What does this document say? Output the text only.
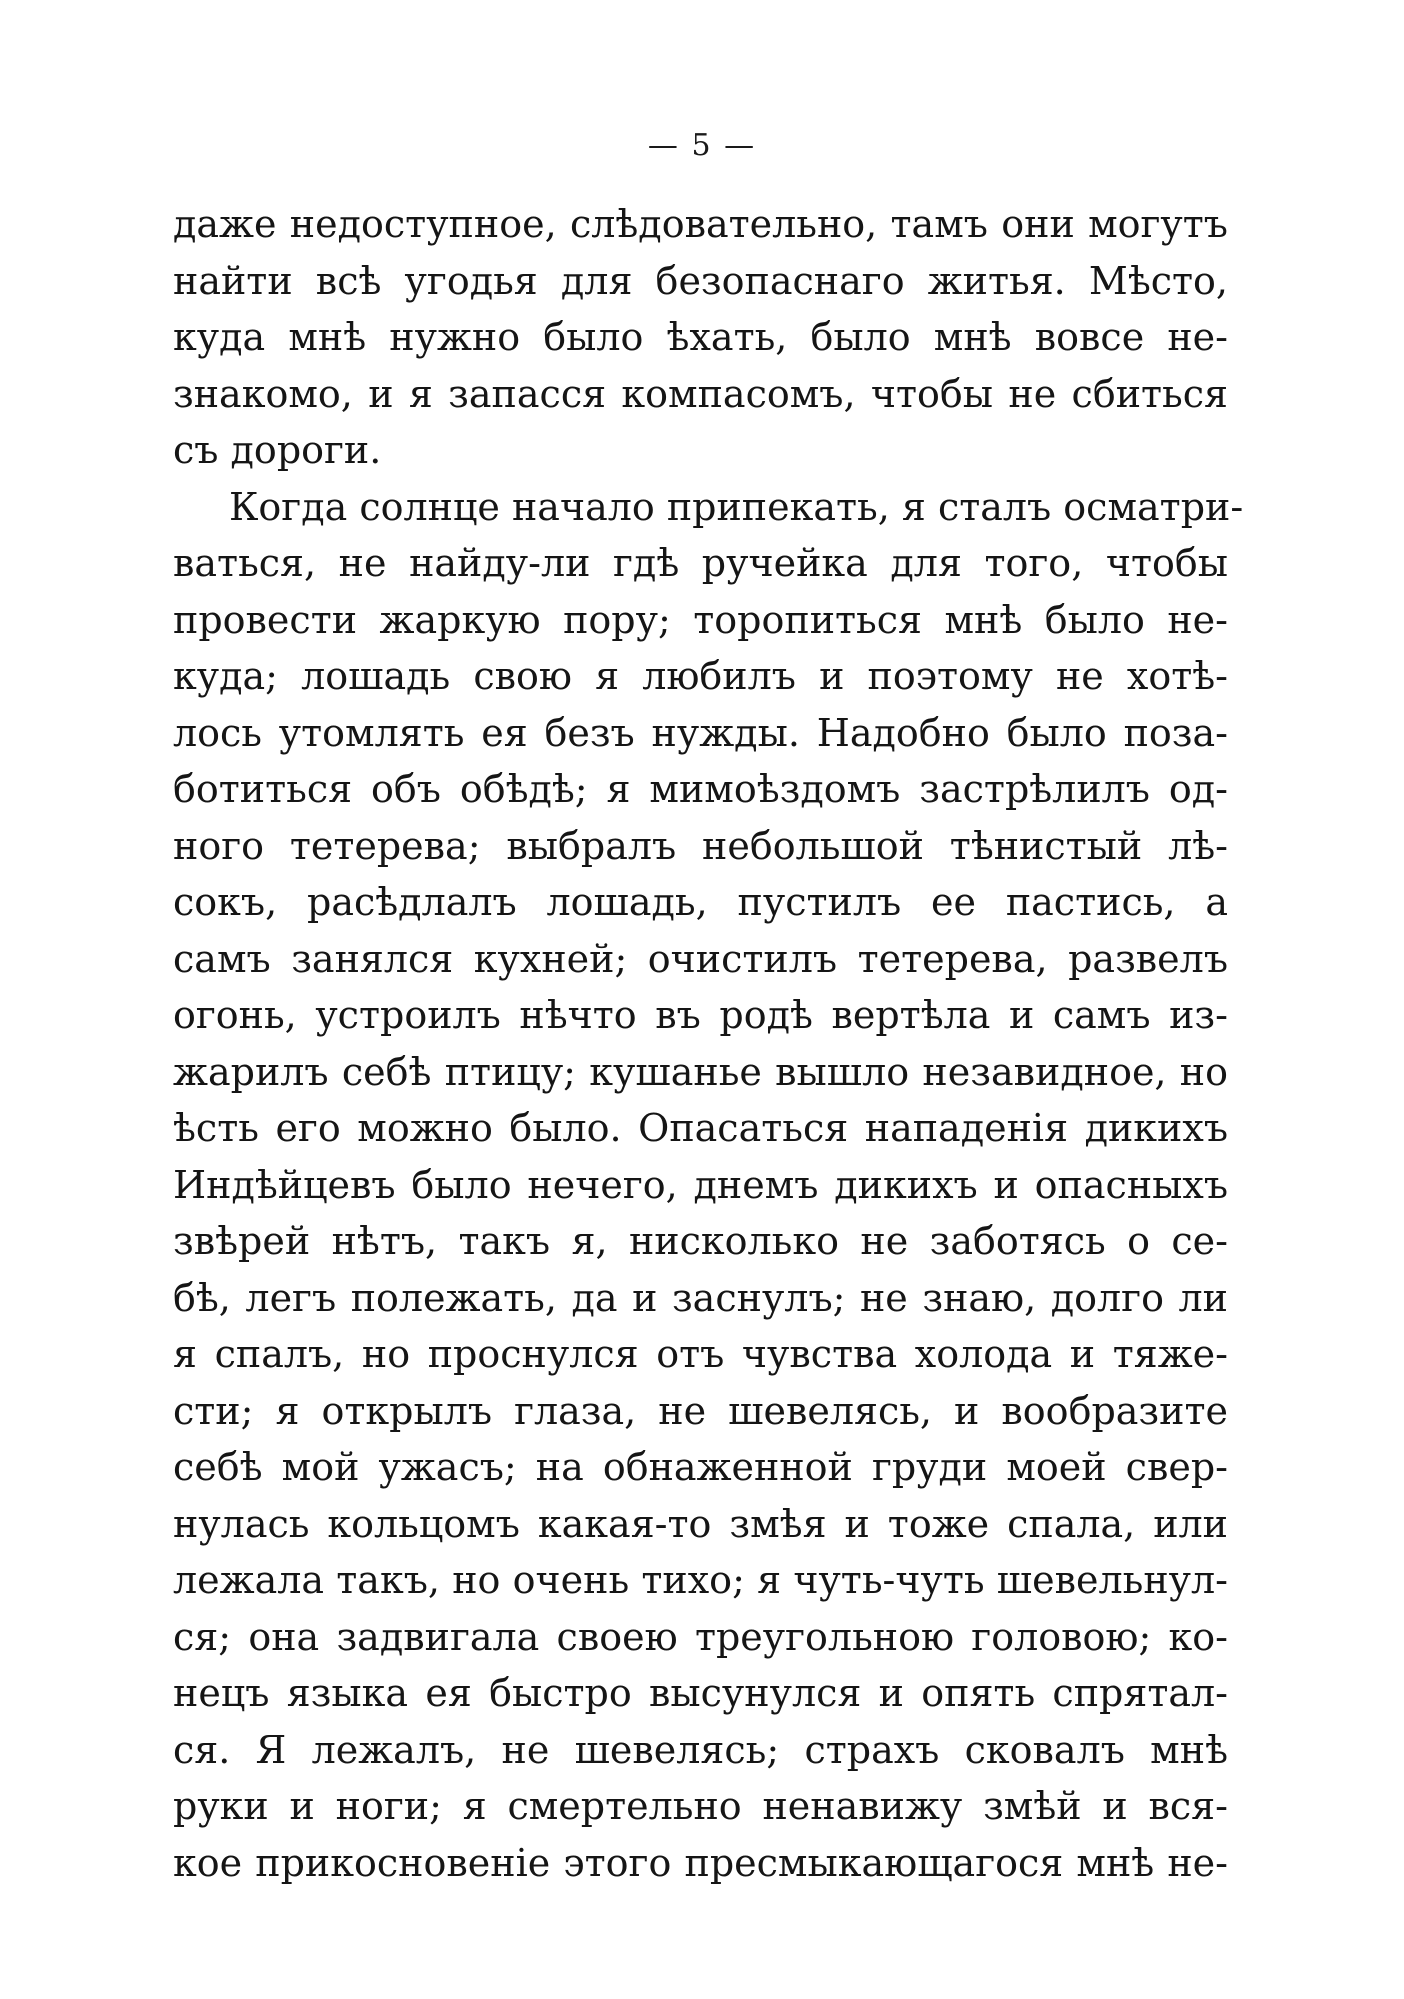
— 5 —
даже недоступное, слѣдовательно, тамъ они могутъ
найти всѣ угодья для безопаснаго житья. Мѣсто,
куда мнѣ нужно было ѣхать, было мнѣ вовсе не-
знакомо, и я запасся компасомъ, чтобы не сбиться
съ дороги.
Когда солнце начало припекать, я сталъ осматри-
ваться, не найду-ли гдѣ ручейка для того, чтобы
провести жаркую пору; торопиться мнѣ было не-
куда; лошадь свою я любилъ и поэтому не хотѣ-
лось утомлять ея безъ нужды. Надобно было поза-
ботиться объ обѣдѣ; я мимоѣздомъ застрѣлилъ од-
ного тетерева; выбралъ небольшой тѣнистый лѣ-
сокъ, расѣдлалъ лошадь, пустилъ ее пастись, а
самъ занялся кухней; очистилъ тетерева, развелъ
огонь, устроилъ нѣчто въ родѣ вертѣла и самъ из-
жарилъ себѣ птицу; кушанье вышло незавидное, но
ѣсть его можно было. Опасаться нападенія дикихъ
Индѣйцевъ было нечего, днемъ дикихъ и опасныхъ
звѣрей нѣтъ, такъ я, нисколько не заботясь о се-
бѣ, легъ полежать, да и заснулъ; не знаю, долго ли
я спалъ, но проснулся отъ чувства холода и тяже-
сти; я открылъ глаза, не шевелясь, и вообразите
себѣ мой ужасъ; на обнаженной груди моей свер-
нулась кольцомъ какая-то змѣя и тоже спала, или
лежала такъ, но очень тихо; я чуть-чуть шевельнул-
ся; она задвигала своею треугольною головою; ко-
нецъ языка ея быстро высунулся и опять спрятал-
ся. Я лежалъ, не шевелясь; страхъ сковалъ мнѣ
руки и ноги; я смертельно ненавижу змѣй и вся-
кое прикосновеніе этого пресмыкающагося мнѣ не-
